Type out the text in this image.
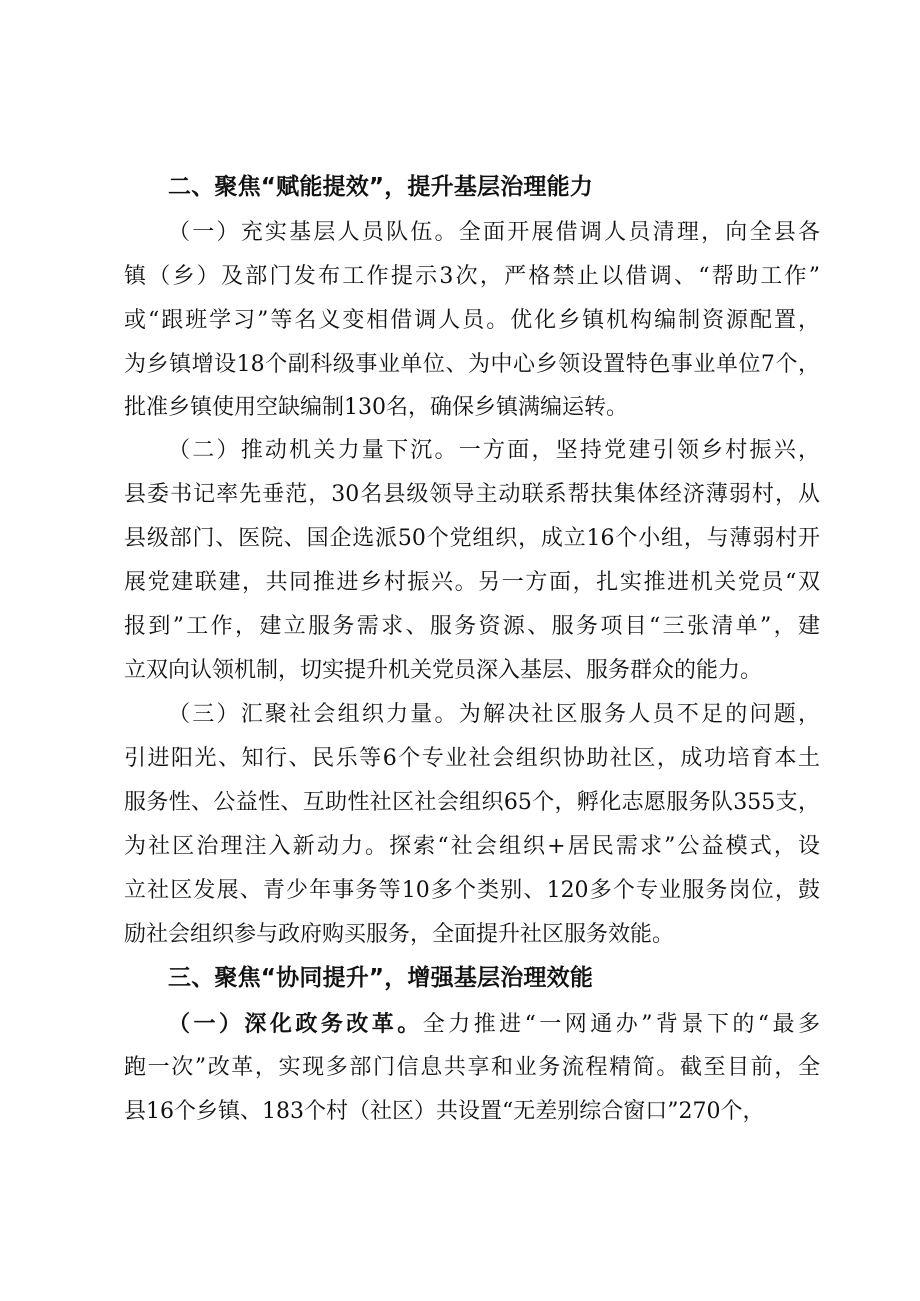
二、聚焦“赋能提效”，提升基层治理能力
（一）充实基层人员队伍。全面开展借调人员清理，向全县各
镇（乡）及部门发布工作提示3次，严格禁止以借调、“帮助工作”
或“跟班学习”等名义变相借调人员。优化乡镇机构编制资源配置，
为乡镇增设18个副科级事业单位、为中心乡领设置特色事业单位7个，
批准乡镇使用空缺编制130名，确保乡镇满编运转。
（二）推动机关力量下沉。一方面，坚持党建引领乡村振兴，
县委书记率先垂范，30名县级领导主动联系帮扶集体经济薄弱村，从
县级部门、医院、国企选派50个党组织，成立16个小组，与薄弱村开
展党建联建，共同推进乡村振兴。另一方面，扎实推进机关党员“双
报到”工作，建立服务需求、服务资源、服务项目“三张清单”，建
立双向认领机制，切实提升机关党员深入基层、服务群众的能力。
（三）汇聚社会组织力量。为解决社区服务人员不足的问题，
引进阳光、知行、民乐等6个专业社会组织协助社区，成功培育本土
服务性、公益性、互助性社区社会组织65个，孵化志愿服务队355支，
为社区治理注入新动力。探索“社会组织+居民需求”公益模式，设
立社区发展、青少年事务等10多个类别、120多个专业服务岗位，鼓
励社会组织参与政府购买服务，全面提升社区服务效能。
三、聚焦“协同提升”，增强基层治理效能
（一）深化政务改革。全力推进“一网通办”背景下的“最多
跑一次”改革，实现多部门信息共享和业务流程精简。截至目前，全
县16个乡镇、183个村（社区）共设置“无差别综合窗口”270个，
